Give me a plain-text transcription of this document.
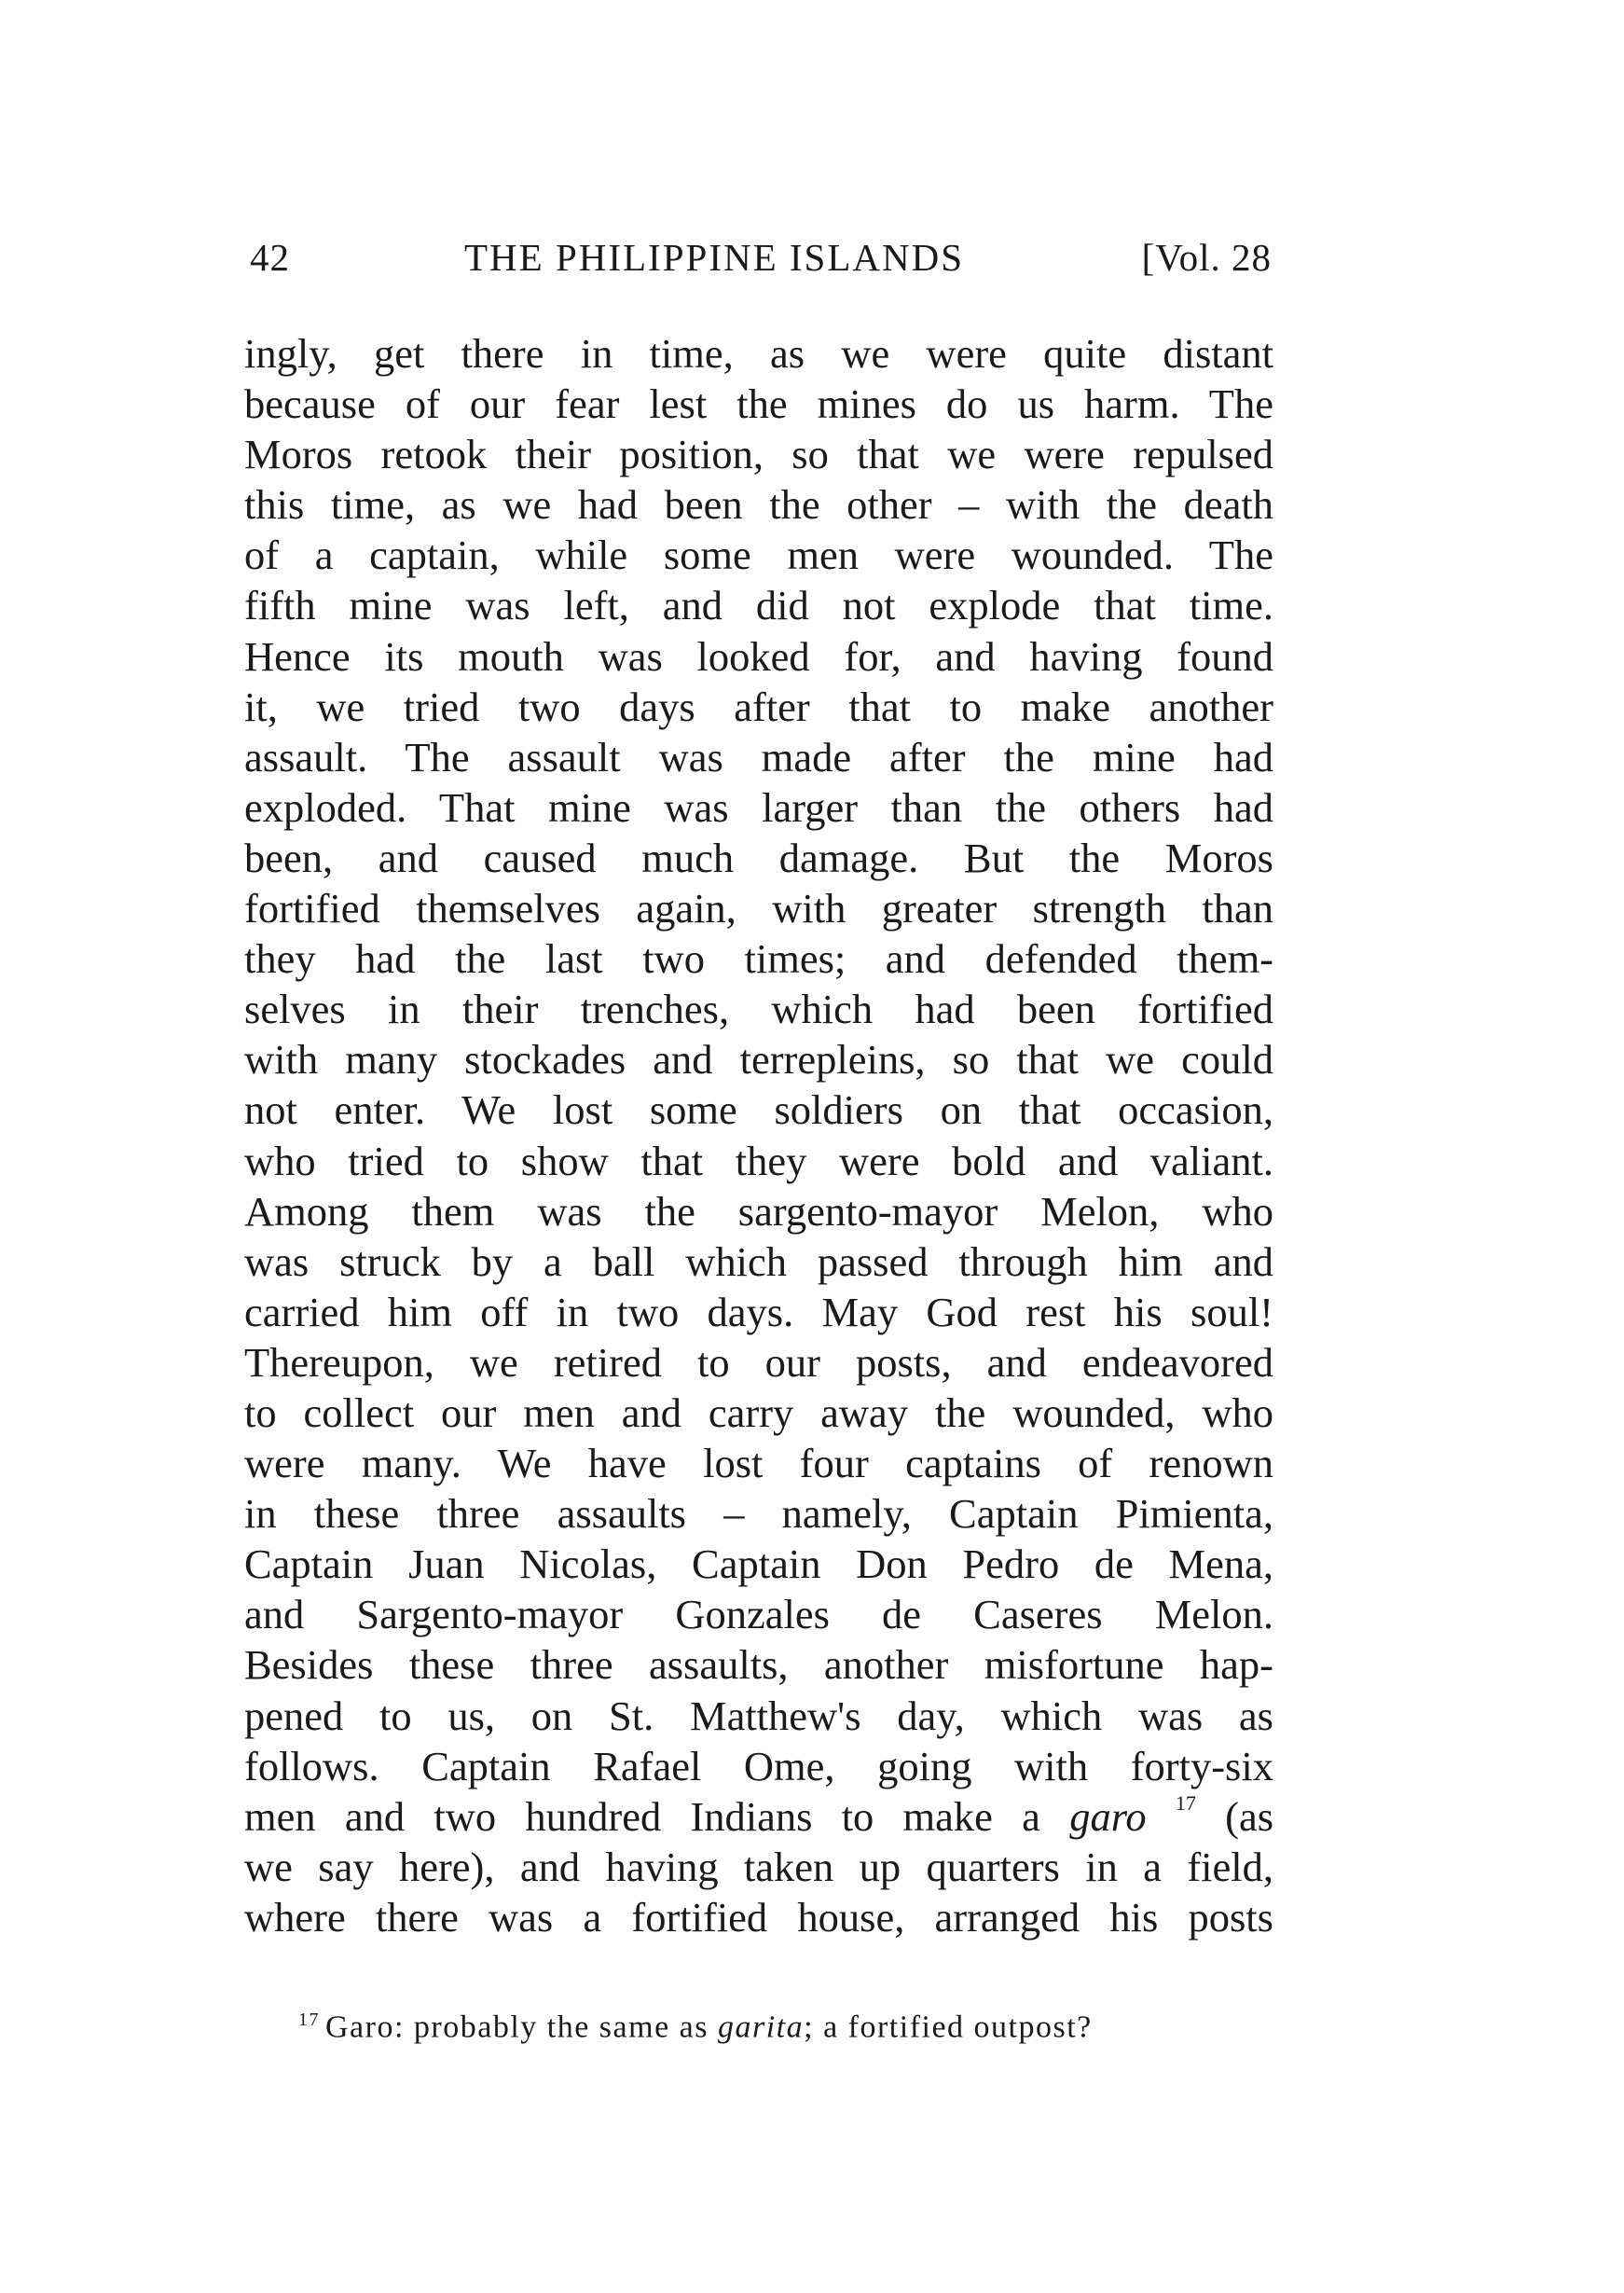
42	THE PHILIPPINE ISLANDS	[Vol. 28
ingly, get there in time, as we were quite distant
because of our fear lest the mines do us harm. The
Moros retook their position, so that we were repulsed
this time, as we had been the other – with the death
of a captain, while some men were wounded. The
fifth mine was left, and did not explode that time.
Hence its mouth was looked for, and having found
it, we tried two days after that to make another
assault. The assault was made after the mine had
exploded. That mine was larger than the others had
been, and caused much damage. But the Moros
fortified themselves again, with greater strength than
they had the last two times; and defended them-
selves in their trenches, which had been fortified
with many stockades and terrepleins, so that we could
not enter. We lost some soldiers on that occasion,
who tried to show that they were bold and valiant.
Among them was the sargento-mayor Melon, who
was struck by a ball which passed through him and
carried him off in two days. May God rest his soul!
Thereupon, we retired to our posts, and endeavored
to collect our men and carry away the wounded, who
were many. We have lost four captains of renown
in these three assaults – namely, Captain Pimienta,
Captain Juan Nicolas, Captain Don Pedro de Mena,
and Sargento-mayor Gonzales de Caseres Melon.
Besides these three assaults, another misfortune hap-
pened to us, on St. Matthew's day, which was as
follows. Captain Rafael Ome, going with forty-six
men and two hundred Indians to make a garo $^{17}$ (as
we say here), and having taken up quarters in a field,
where there was a fortified house, arranged his posts
$^{17}$ Garo: probably the same as garita; a fortified outpost?
